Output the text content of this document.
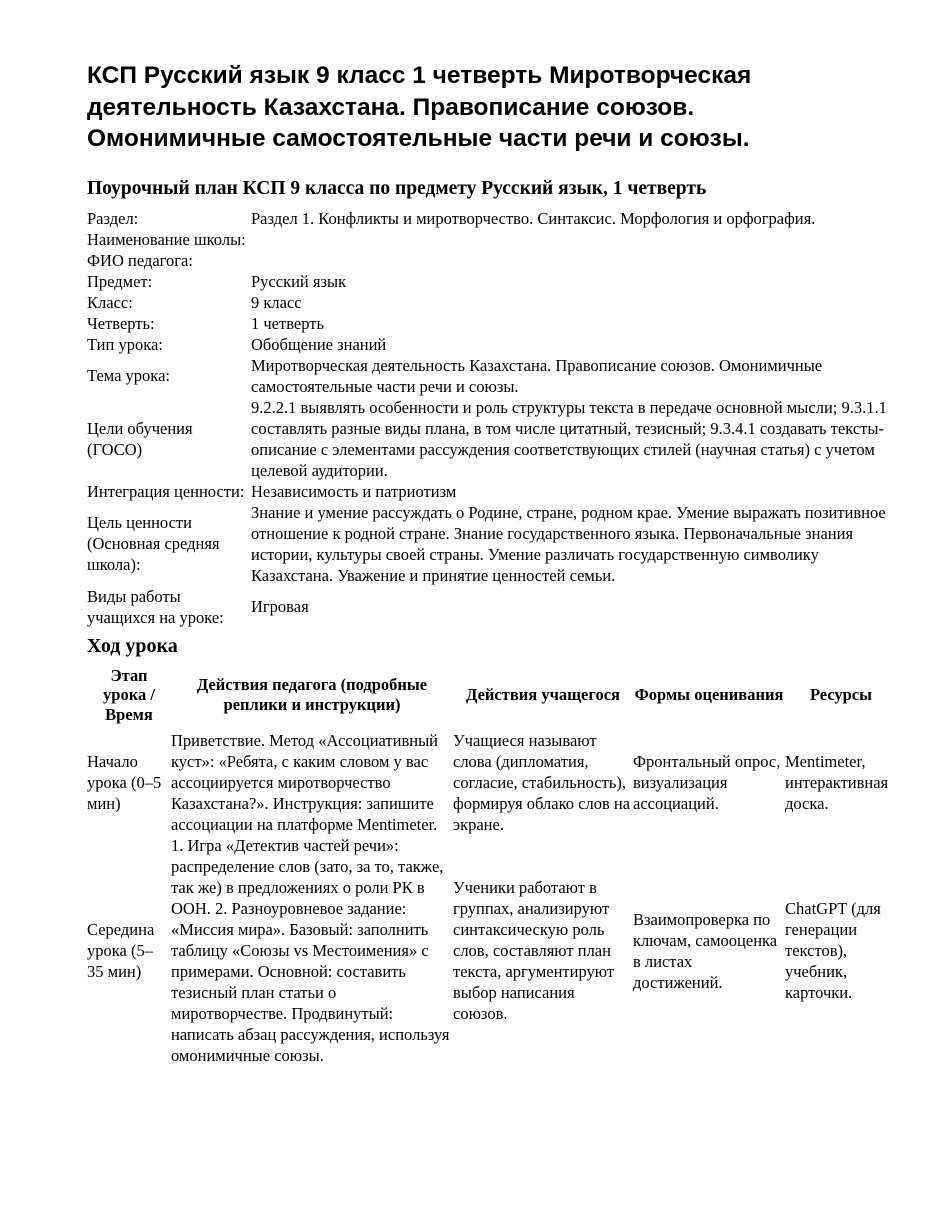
КСП Русский язык 9 класс 1 четверть Миротворческая деятельность Казахстана. Правописание союзов. Омонимичные самостоятельные части речи и союзы.
Поурочный план КСП 9 класса по предмету Русский язык, 1 четверть
Раздел:	Раздел 1. Конфликты и миротворчество. Синтаксис. Морфология и орфография.
Наименование школы:	
ФИО педагога:	
Предмет:	Русский язык
Класс:	9 класс
Четверть:	1 четверть
Тип урока:	Обобщение знаний
Тема урока:	Миротворческая деятельность Казахстана. Правописание союзов. Омонимичные самостоятельные части речи и союзы.
Цели обучения (ГОСО)	9.2.2.1 выявлять особенности и роль структуры текста в передаче основной мысли; 9.3.1.1 составлять разные виды плана, в том числе цитатный, тезисный; 9.3.4.1 создавать тексты-описание с элементами рассуждения соответствующих стилей (научная статья) с учетом целевой аудитории.
Интеграция ценности:	Независимость и патриотизм
Цель ценности (Основная средняя школа):	Знание и умение рассуждать о Родине, стране, родном крае. Умение выражать позитивное отношение к родной стране. Знание государственного языка. Первоначальные знания истории, культуры своей страны. Умение различать государственную символику Казахстана. Уважение и принятие ценностей семьи.
Виды работы учащихся на уроке:	Игровая
Ход урока
Этап урока / Время	Действия педагога (подробные реплики и инструкции)	Действия учащегося	Формы оценивания	Ресурсы
Начало урока (0–5 мин)	Приветствие. Метод «Ассоциативный куст»: «Ребята, с каким словом у вас ассоциируется миротворчество Казахстана?». Инструкция: запишите ассоциации на платформе Mentimeter.	Учащиеся называют слова (дипломатия, согласие, стабильность), формируя облако слов на экране.	Фронтальный опрос, визуализация ассоциаций.	Mentimeter, интерактивная доска.
Середина урока (5–35 мин)	1. Игра «Детектив частей речи»: распределение слов (зато, за то, также, так же) в предложениях о роли РК в ООН. 2. Разноуровневое задание: «Миссия мира». Базовый: заполнить таблицу «Союзы vs Местоимения» с примерами. Основной: составить тезисный план статьи о миротворчестве. Продвинутый: написать абзац рассуждения, используя омонимичные союзы.	Ученики работают в группах, анализируют синтаксическую роль слов, составляют план текста, аргументируют выбор написания союзов.	Взаимопроверка по ключам, самооценка в листах достижений.	ChatGPT (для генерации текстов), учебник, карточки.
